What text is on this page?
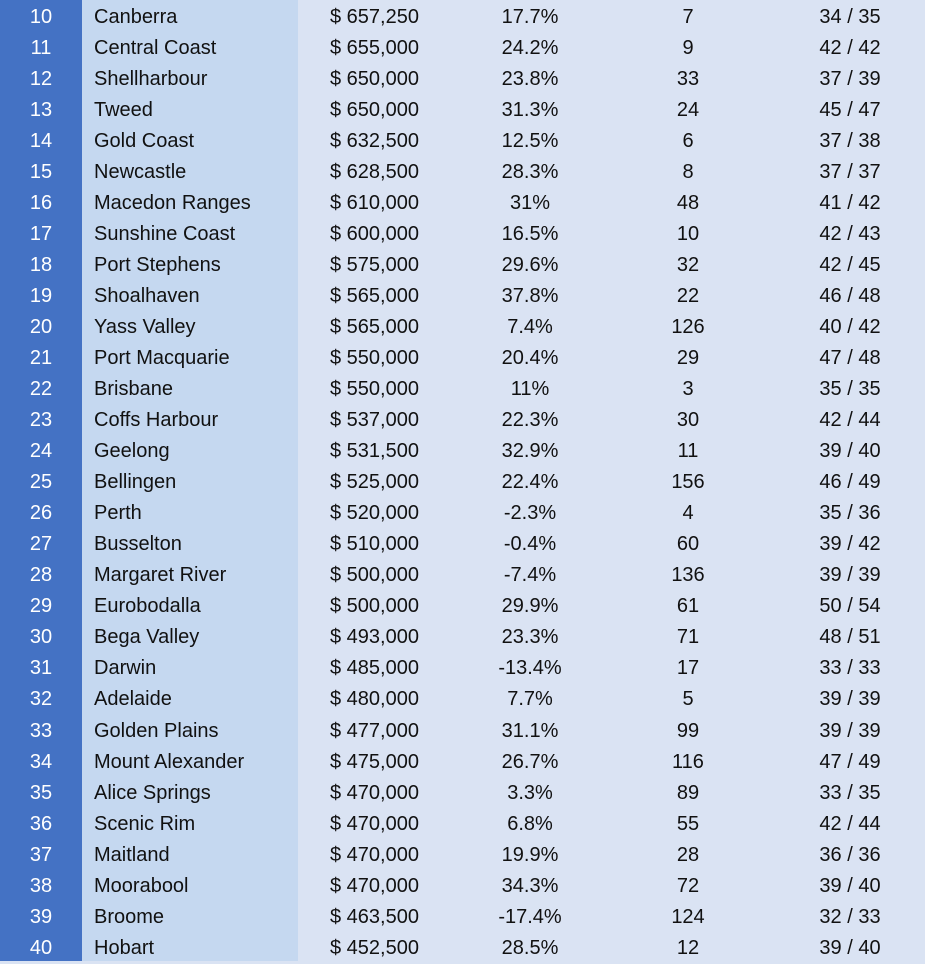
10	Canberra	$ 657,250	17.7%	7	34 / 35
11	Central Coast	$ 655,000	24.2%	9	42 / 42
12	Shellharbour	$ 650,000	23.8%	33	37 / 39
13	Tweed	$ 650,000	31.3%	24	45 / 47
14	Gold Coast	$ 632,500	12.5%	6	37 / 38
15	Newcastle	$ 628,500	28.3%	8	37 / 37
16	Macedon Ranges	$ 610,000	31%	48	41 / 42
17	Sunshine Coast	$ 600,000	16.5%	10	42 / 43
18	Port Stephens	$ 575,000	29.6%	32	42 / 45
19	Shoalhaven	$ 565,000	37.8%	22	46 / 48
20	Yass Valley	$ 565,000	7.4%	126	40 / 42
21	Port Macquarie	$ 550,000	20.4%	29	47 / 48
22	Brisbane	$ 550,000	11%	3	35 / 35
23	Coffs Harbour	$ 537,000	22.3%	30	42 / 44
24	Geelong	$ 531,500	32.9%	11	39 / 40
25	Bellingen	$ 525,000	22.4%	156	46 / 49
26	Perth	$ 520,000	-2.3%	4	35 / 36
27	Busselton	$ 510,000	-0.4%	60	39 / 42
28	Margaret River	$ 500,000	-7.4%	136	39 / 39
29	Eurobodalla	$ 500,000	29.9%	61	50 / 54
30	Bega Valley	$ 493,000	23.3%	71	48 / 51
31	Darwin	$ 485,000	-13.4%	17	33 / 33
32	Adelaide	$ 480,000	7.7%	5	39 / 39
33	Golden Plains	$ 477,000	31.1%	99	39 / 39
34	Mount Alexander	$ 475,000	26.7%	116	47 / 49
35	Alice Springs	$ 470,000	3.3%	89	33 / 35
36	Scenic Rim	$ 470,000	6.8%	55	42 / 44
37	Maitland	$ 470,000	19.9%	28	36 / 36
38	Moorabool	$ 470,000	34.3%	72	39 / 40
39	Broome	$ 463,500	-17.4%	124	32 / 33
40	Hobart	$ 452,500	28.5%	12	39 / 40
